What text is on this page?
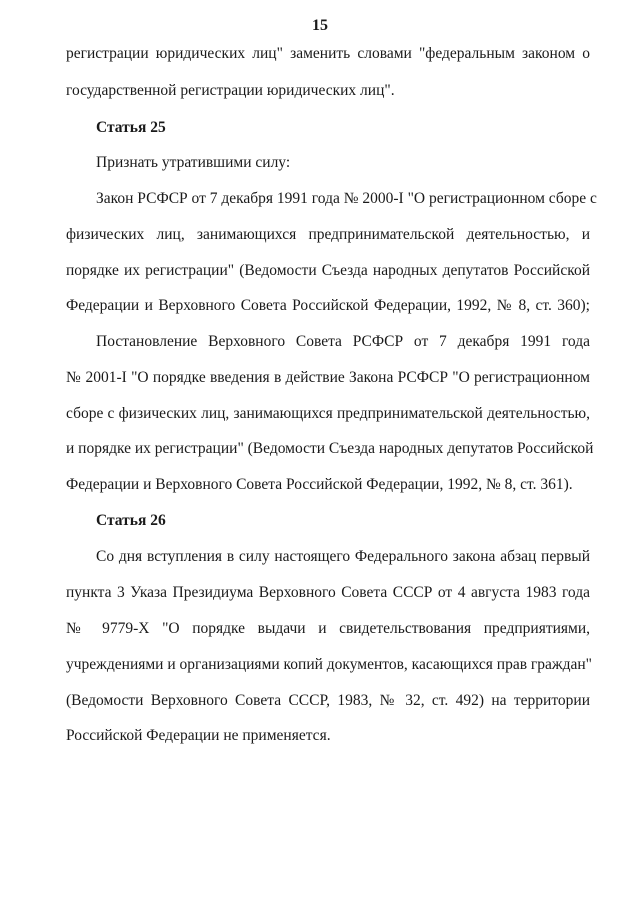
15
регистрации юридических лиц" заменить словами "федеральным законом о
государственной регистрации юридических лиц".
Статья 25
Признать утратившими силу:
Закон РСФСР от 7 декабря 1991 года № 2000-I "О регистрационном сборе с
физических лиц, занимающихся предпринимательской деятельностью, и
порядке их регистрации" (Ведомости Съезда народных депутатов Российской
Федерации и Верховного Совета Российской Федерации, 1992, № 8, ст. 360);
Постановление Верховного Совета РСФСР от 7 декабря 1991 года
№ 2001-I "О порядке введения в действие Закона РСФСР "О регистрационном
сборе с физических лиц, занимающихся предпринимательской деятельностью,
и порядке их регистрации" (Ведомости Съезда народных депутатов Российской
Федерации и Верховного Совета Российской Федерации, 1992, № 8, ст. 361).
Статья 26
Со дня вступления в силу настоящего Федерального закона абзац первый
пункта 3 Указа Президиума Верховного Совета СССР от 4 августа 1983 года
№ 9779-X "О порядке выдачи и свидетельствования предприятиями,
учреждениями и организациями копий документов, касающихся прав граждан"
(Ведомости Верховного Совета СССР, 1983, № 32, ст. 492) на территории
Российской Федерации не применяется.
